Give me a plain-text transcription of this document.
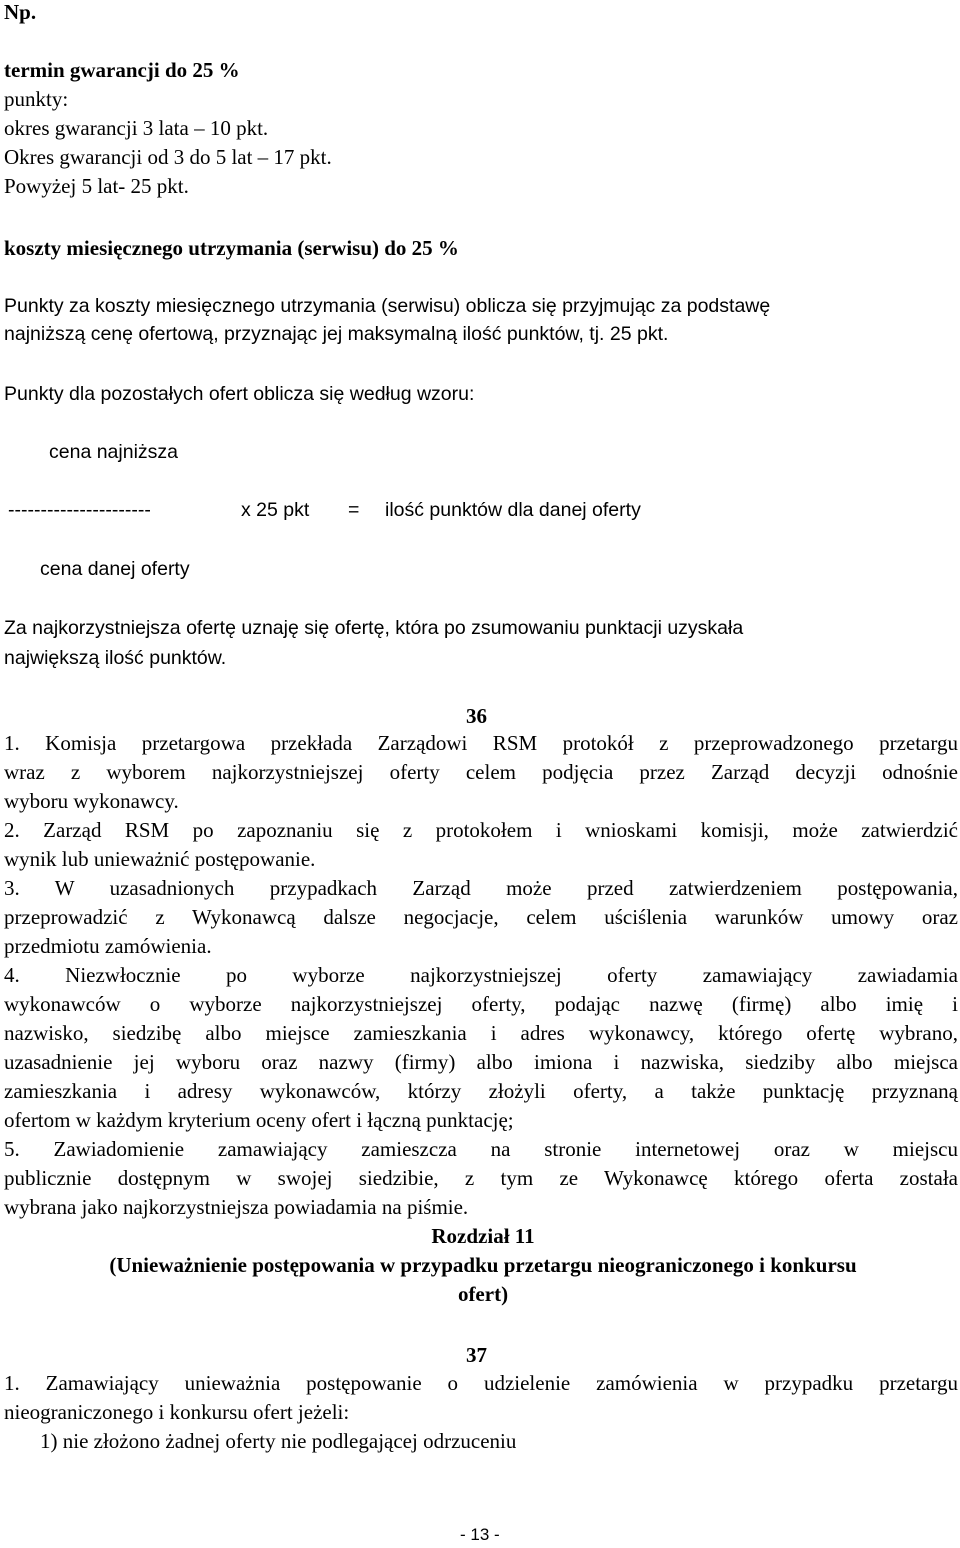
Np.
termin gwarancji do 25 %
punkty:
okres gwarancji 3 lata – 10 pkt.
Okres gwarancji od 3 do 5 lat – 17 pkt.
Powyżej 5 lat- 25 pkt.
koszty miesięcznego utrzymania (serwisu) do 25 %
Punkty za koszty miesięcznego utrzymania (serwisu) oblicza się przyjmując za podstawę
najniższą cenę ofertową, przyznając jej maksymalną ilość punktów, tj. 25 pkt.
Punkty dla pozostałych ofert oblicza się według wzoru:
cena najniższa
----------------------	x 25 pkt = ilość punktów dla danej oferty
cena danej oferty
Za najkorzystniejsza ofertę uznaję się ofertę, która po zsumowaniu punktacji uzyskała
największą ilość punktów.
36
1. Komisja przetargowa przekłada Zarządowi RSM protokół z przeprowadzonego przetargu
wraz z wyborem najkorzystniejszej oferty celem podjęcia przez Zarząd decyzji odnośnie
wyboru wykonawcy.
2. Zarząd RSM po zapoznaniu się z protokołem i wnioskami komisji, może zatwierdzić
wynik lub unieważnić postępowanie.
3. W uzasadnionych przypadkach Zarząd może przed zatwierdzeniem postępowania,
przeprowadzić z Wykonawcą dalsze negocjacje, celem uściślenia warunków umowy oraz
przedmiotu zamówienia.
4. Niezwłocznie po wyborze najkorzystniejszej oferty zamawiający zawiadamia
wykonawców o wyborze najkorzystniejszej oferty, podając nazwę (firmę) albo imię i
nazwisko, siedzibę albo miejsce zamieszkania i adres wykonawcy, którego ofertę wybrano,
uzasadnienie jej wyboru oraz nazwy (firmy) albo imiona i nazwiska, siedziby albo miejsca
zamieszkania i adresy wykonawców, którzy złożyli oferty, a także punktację przyznaną
ofertom w każdym kryterium oceny ofert i łączną punktację;
5. Zawiadomienie zamawiający zamieszcza na stronie internetowej oraz w miejscu
publicznie dostępnym w swojej siedzibie, z tym ze Wykonawcę którego oferta została
wybrana jako najkorzystniejsza powiadamia na piśmie.
Rozdział 11
(Unieważnienie postępowania w przypadku przetargu nieograniczonego i konkursu
ofert)
37
1. Zamawiający unieważnia postępowanie o udzielenie zamówienia w przypadku przetargu
nieograniczonego i konkursu ofert jeżeli:
1) nie złożono żadnej oferty nie podlegającej odrzuceniu
- 13 -
